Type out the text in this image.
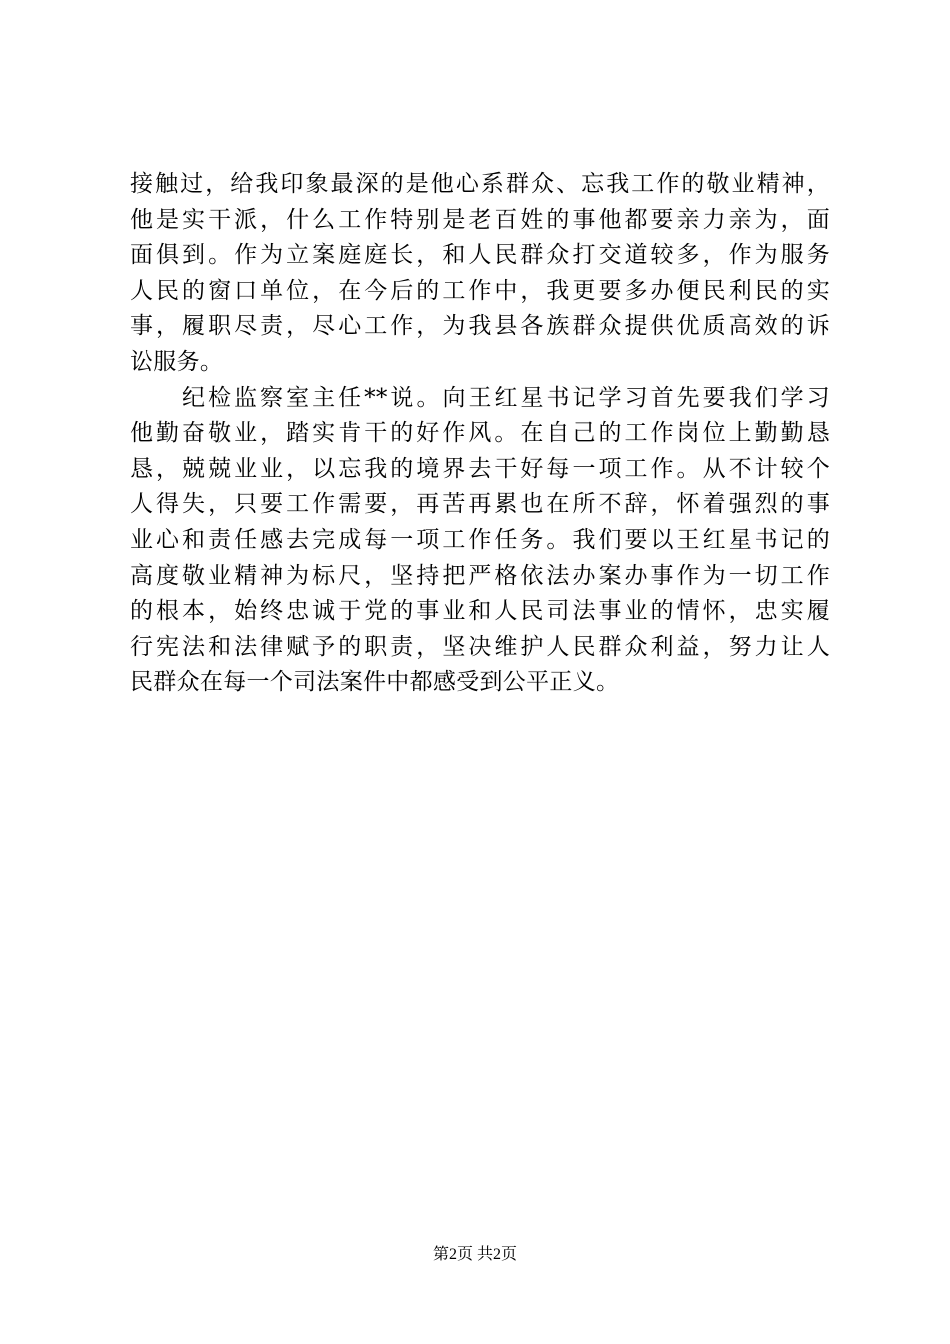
接触过，给我印象最深的是他心系群众、忘我工作的敬业精神，
他是实干派，什么工作特别是老百姓的事他都要亲力亲为，面
面俱到。作为立案庭庭长，和人民群众打交道较多，作为服务
人民的窗口单位，在今后的工作中，我更要多办便民利民的实
事，履职尽责，尽心工作，为我县各族群众提供优质高效的诉
讼服务。
纪检监察室主任**说。向王红星书记学习首先要我们学习
他勤奋敬业，踏实肯干的好作风。在自己的工作岗位上勤勤恳
恳，兢兢业业，以忘我的境界去干好每一项工作。从不计较个
人得失，只要工作需要，再苦再累也在所不辞，怀着强烈的事
业心和责任感去完成每一项工作任务。我们要以王红星书记的
高度敬业精神为标尺，坚持把严格依法办案办事作为一切工作
的根本，始终忠诚于党的事业和人民司法事业的情怀，忠实履
行宪法和法律赋予的职责，坚决维护人民群众利益，努力让人
民群众在每一个司法案件中都感受到公平正义。
第2页 共2页
